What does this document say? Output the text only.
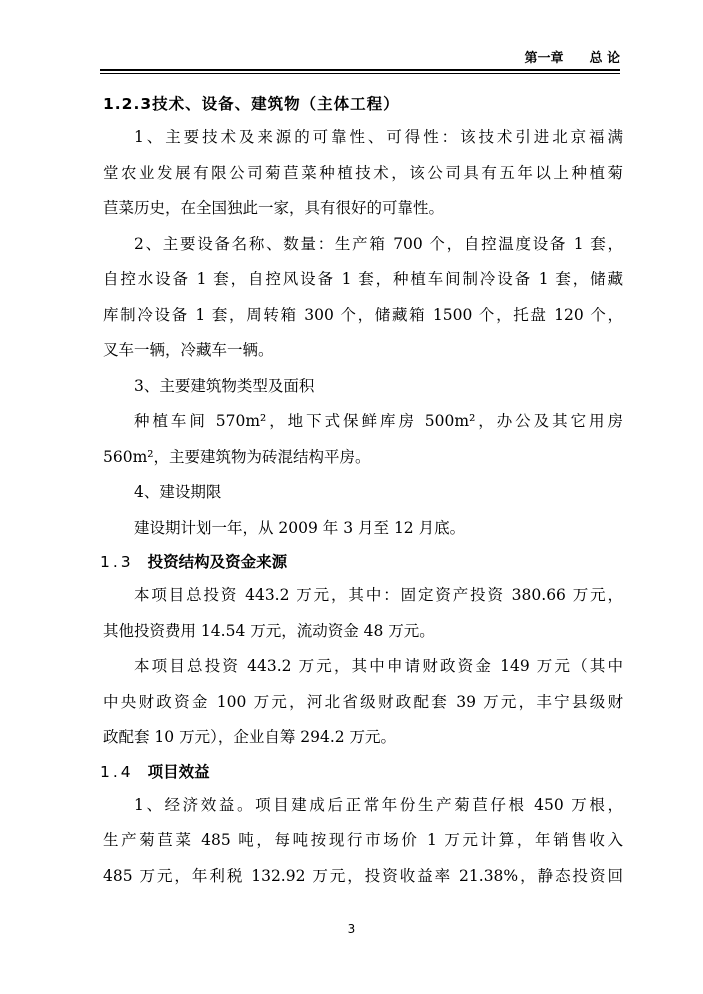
第一章 总 论
1.2.3技术、设备、建筑物（主体工程）
1、主要技术及来源的可靠性、可得性：该技术引进北京福满
堂农业发展有限公司菊苣菜种植技术，该公司具有五年以上种植菊
苣菜历史，在全国独此一家，具有很好的可靠性。
2、主要设备名称、数量：生产箱 700 个，自控温度设备 1 套，
自控水设备 1 套，自控风设备 1 套，种植车间制冷设备 1 套，储藏
库制冷设备 1 套，周转箱 300 个，储藏箱 1500 个，托盘 120 个，
叉车一辆，冷藏车一辆。
3、主要建筑物类型及面积
种植车间 570m²，地下式保鲜库房 500m²，办公及其它用房
560m²，主要建筑物为砖混结构平房。
4、建设期限
建设期计划一年，从 2009 年 3 月至 12 月底。
1.3 投资结构及资金来源
本项目总投资 443.2 万元，其中：固定资产投资 380.66 万元，
其他投资费用 14.54 万元，流动资金 48 万元。
本项目总投资 443.2 万元，其中申请财政资金 149 万元（其中
中央财政资金 100 万元，河北省级财政配套 39 万元，丰宁县级财
政配套 10 万元），企业自筹 294.2 万元。
1.4 项目效益
1、经济效益。项目建成后正常年份生产菊苣仔根 450 万根，
生产菊苣菜 485 吨，每吨按现行市场价 1 万元计算，年销售收入
485 万元，年利税 132.92 万元，投资收益率 21.38%，静态投资回
3
